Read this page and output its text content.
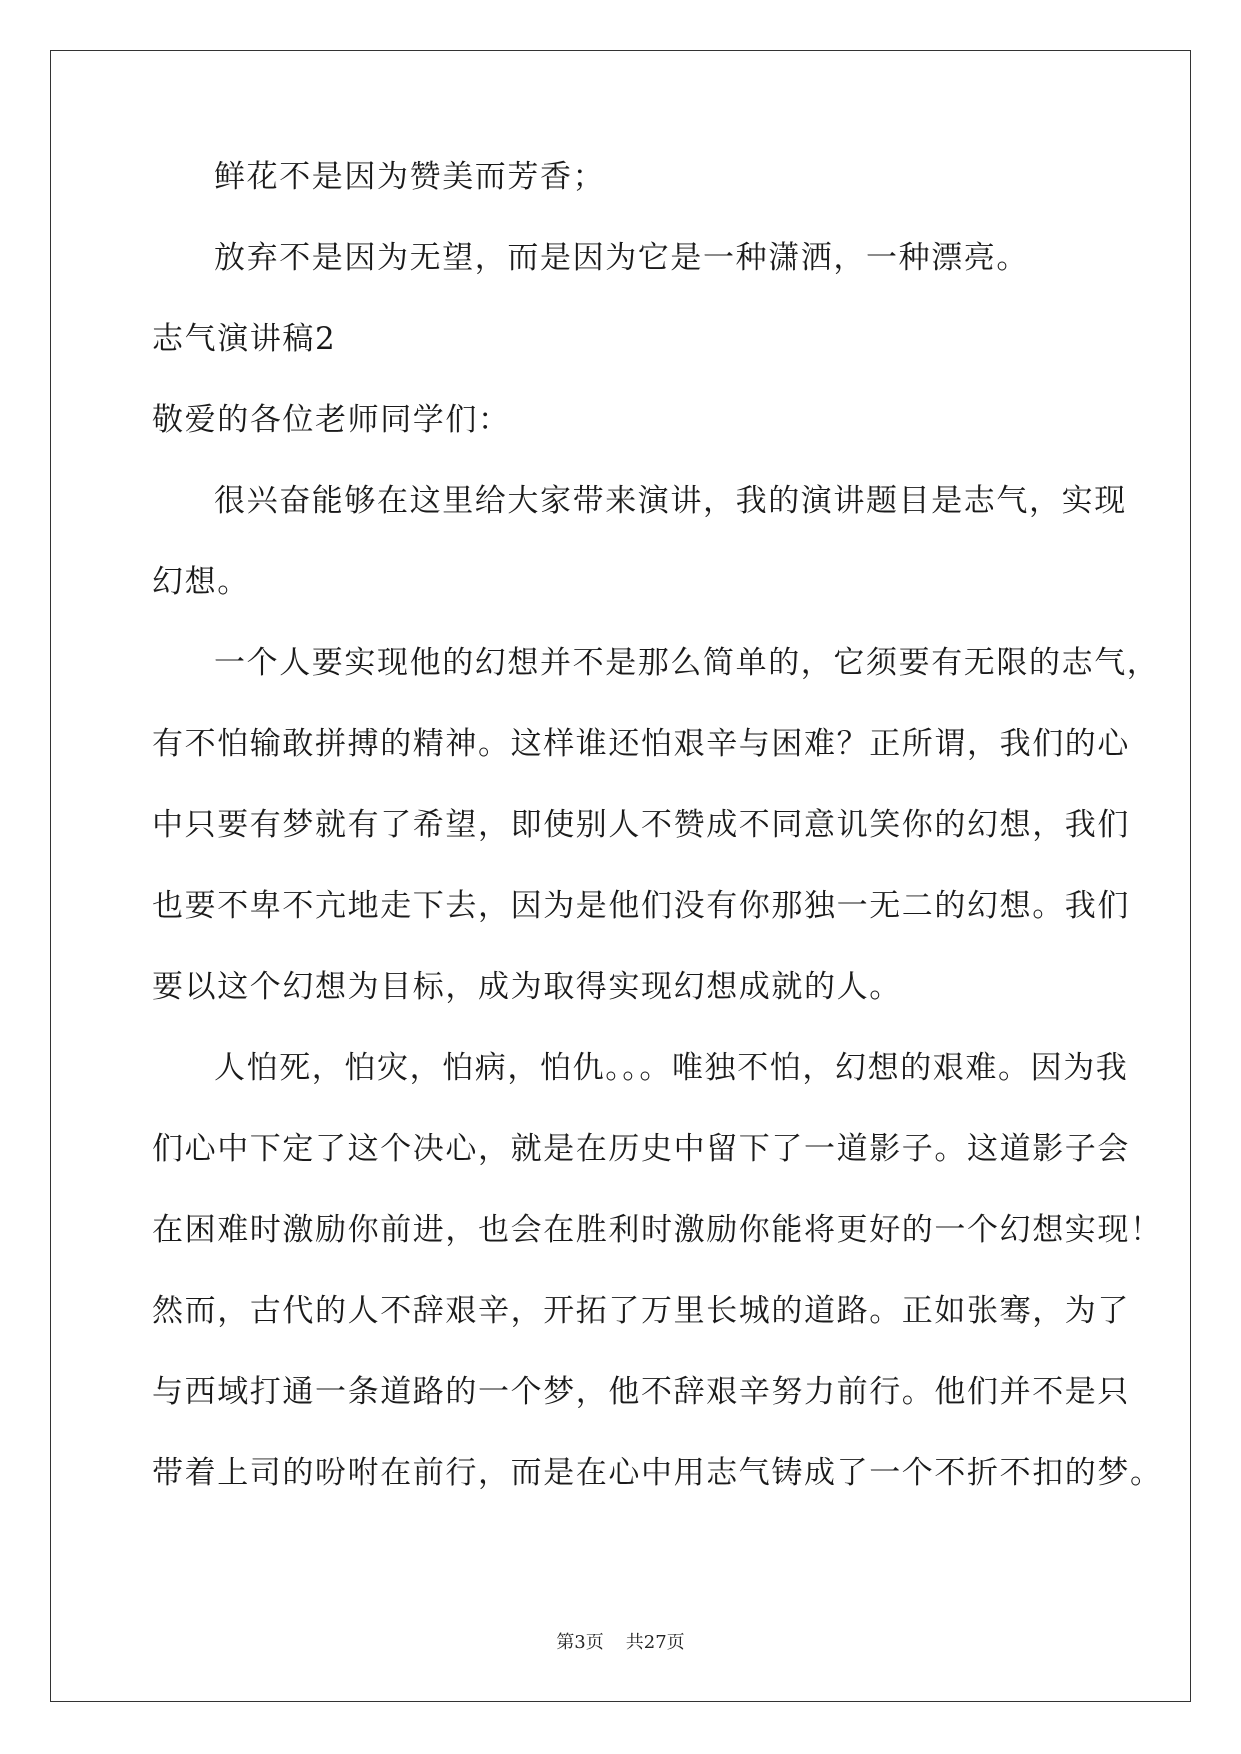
鲜花不是因为赞美而芳香；
放弃不是因为无望，而是因为它是一种潇洒，一种漂亮。
志气演讲稿2
敬爱的各位老师同学们：
很兴奋能够在这里给大家带来演讲，我的演讲题目是志气，实现
幻想。
一个人要实现他的幻想并不是那么简单的，它须要有无限的志气，
有不怕输敢拼搏的精神。这样谁还怕艰辛与困难？正所谓，我们的心
中只要有梦就有了希望，即使别人不赞成不同意讥笑你的幻想，我们
也要不卑不亢地走下去，因为是他们没有你那独一无二的幻想。我们
要以这个幻想为目标，成为取得实现幻想成就的人。
人怕死，怕灾，怕病，怕仇。。。唯独不怕，幻想的艰难。因为我
们心中下定了这个决心，就是在历史中留下了一道影子。这道影子会
在困难时激励你前进，也会在胜利时激励你能将更好的一个幻想实现！
然而，古代的人不辞艰辛，开拓了万里长城的道路。正如张骞，为了
与西域打通一条道路的一个梦，他不辞艰辛努力前行。他们并不是只
带着上司的吩咐在前行，而是在心中用志气铸成了一个不折不扣的梦。
第3页 共27页
